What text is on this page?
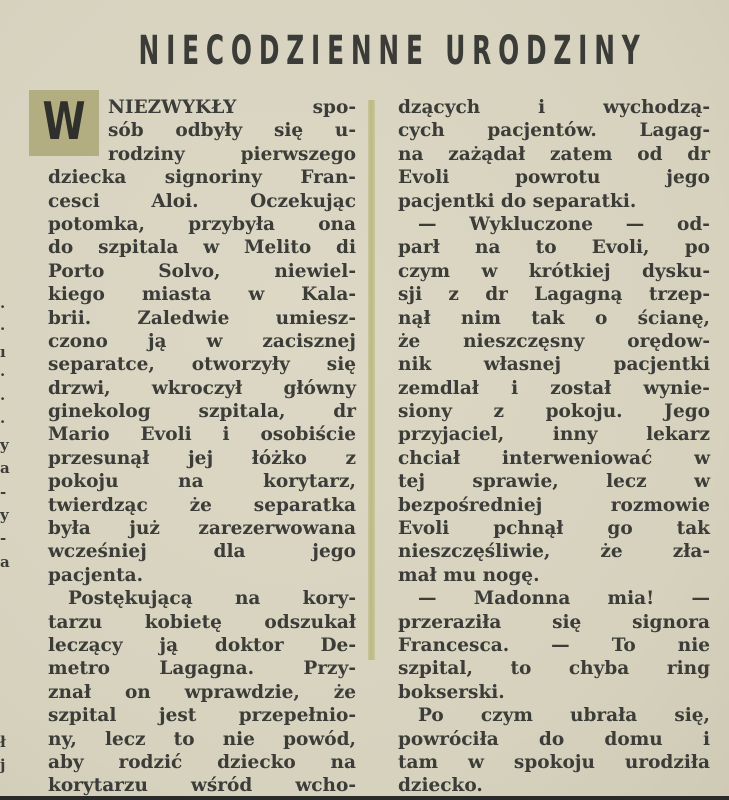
NIECODZIENNE URODZINY
W NIEZWYKŁY spo-
sób odbyły się u-
rodziny pierwszego
dziecka signoriny Fran-
cesci Aloi. Oczekując
potomka, przybyła ona
do szpitala w Melito di
Porto Solvo, niewiel-
kiego miasta w Kala-
brii. Zaledwie umiesz-
czono ją w zacisznej
separatce, otworzyły się
drzwi, wkroczył główny
ginekolog szpitala, dr
Mario Evoli i osobiście
przesunął jej łóżko z
pokoju na korytarz,
twierdząc że separatka
była już zarezerwowana
wcześniej dla jego
pacjenta.
Postękującą na kory-
tarzu kobietę odszukał
leczący ją doktor De-
metro Lagagna. Przy-
znał on wprawdzie, że
szpital jest przepełnio-
ny, lecz to nie powód,
aby rodzić dziecko na
korytarzu wśród wcho-
dzących i wychodzą-
cych pacjentów. Lagag-
na zażądał zatem od dr
Evoli powrotu jego
pacjentki do separatki.
— Wykluczone — od-
parł na to Evoli, po
czym w krótkiej dysku-
sji z dr Lagagną trzep-
nął nim tak o ścianę,
że nieszczęsny orędow-
nik własnej pacjentki
zemdlał i został wynie-
siony z pokoju. Jego
przyjaciel, inny lekarz
chciał interweniować w
tej sprawie, lecz w
bezpośredniej rozmowie
Evoli pchnął go tak
nieszczęśliwie, że zła-
mał mu nogę.
— Madonna mia! —
przeraziła się signora
Francesca. — To nie
szpital, to chyba ring
bokserski.
Po czym ubrała się,
powróciła do domu i
tam w spokoju urodziła
dziecko.
·
·
ı
·
·
·
y
a
-
y
-
a
ł
j
